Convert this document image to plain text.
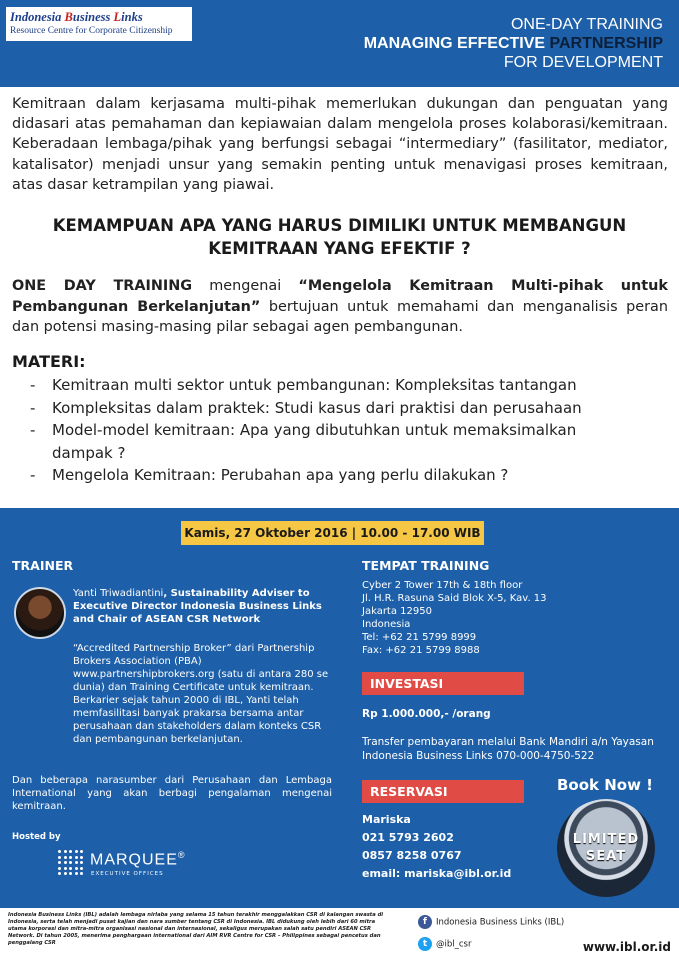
Indonesia Business Links
Resource Centre for Corporate Citizenship	ONE-DAY TRAINING
MANAGING EFFECTIVE PARTNERSHIP
FOR DEVELOPMENT

Kemitraan dalam kerjasama multi-pihak memerlukan dukungan dan penguatan yang didasari atas pemahaman dan kepiawaian dalam mengelola proses kolaborasi/kemitraan. Keberadaan lembaga/pihak yang berfungsi sebagai “intermediary” (fasilitator, mediator, katalisator) menjadi unsur yang semakin penting untuk menavigasi proses kemitraan, atas dasar ketrampilan yang piawai.

KEMAMPUAN APA YANG HARUS DIMILIKI UNTUK MEMBANGUN
KEMITRAAN YANG EFEKTIF ?

ONE DAY TRAINING mengenai “Mengelola Kemitraan Multi-pihak untuk Pembangunan Berkelanjutan” bertujuan untuk memahami dan menganalisis peran dan potensi masing-masing pilar sebagai agen pembangunan.

MATERI:
- Kemitraan multi sektor untuk pembangunan: Kompleksitas tantangan
- Kompleksitas dalam praktek: Studi kasus dari praktisi dan perusahaan
- Model-model kemitraan: Apa yang dibutuhkan untuk memaksimalkan dampak ?
- Mengelola Kemitraan: Perubahan apa yang perlu dilakukan ?
Kamis, 27 Oktober 2016 | 10.00 - 17.00 WIB
TRAINER
Yanti Triwadiantini, Sustainability Adviser to Executive Director Indonesia Business Links and Chair of ASEAN CSR Network
“Accredited Partnership Broker” dari Partnership Brokers Association (PBA) www.partnershipbrokers.org (satu di antara 280 se dunia) dan Training Certificate untuk kemitraan. Berkarier sejak tahun 2000 di IBL, Yanti telah memfasilitasi banyak prakarsa bersama antar perusahaan dan stakeholders dalam konteks CSR dan pembangunan berkelanjutan.
Dan beberapa narasumber dari Perusahaan dan Lembaga International yang akan berbagi pengalaman mengenai kemitraan.
Hosted by
MARQUEE®
EXECUTIVE OFFICES
TEMPAT TRAINING
Cyber 2 Tower 17th & 18th floor
Jl. H.R. Rasuna Said Blok X-5, Kav. 13
Jakarta 12950
Indonesia
Tel: +62 21 5799 8999
Fax: +62 21 5799 8988
INVESTASI
Rp 1.000.000,- /orang
Transfer pembayaran melalui Bank Mandiri a/n Yayasan Indonesia Business Links 070-000-4750-522
RESERVASI
Mariska
021 5793 2602
0857 8258 0767
email: mariska@ibl.or.id
Book Now !
LIMITED
SEAT
Indonesia Business Links (IBL) adalah lembaga nirlaba yang selama 15 tahun terakhir menggalakkan CSR di kalangan swasta di Indonesia, serta telah menjadi pusat kajian dan nara sumber tentang CSR di Indonesia. IBL didukung oleh lebih dari 60 mitra utama korporasi dan mitra-mitra organisasi nasional dan internasional, sekaligus merupakan salah satu pendiri ASEAN CSR Network. Di tahun 2005, menerima penghargaan international dari AIM RVR Centre for CSR – Philippines sebagai pencetus dan penggalang CSR
f Indonesia Business Links (IBL)
t @ibl_csr	www.ibl.or.id
